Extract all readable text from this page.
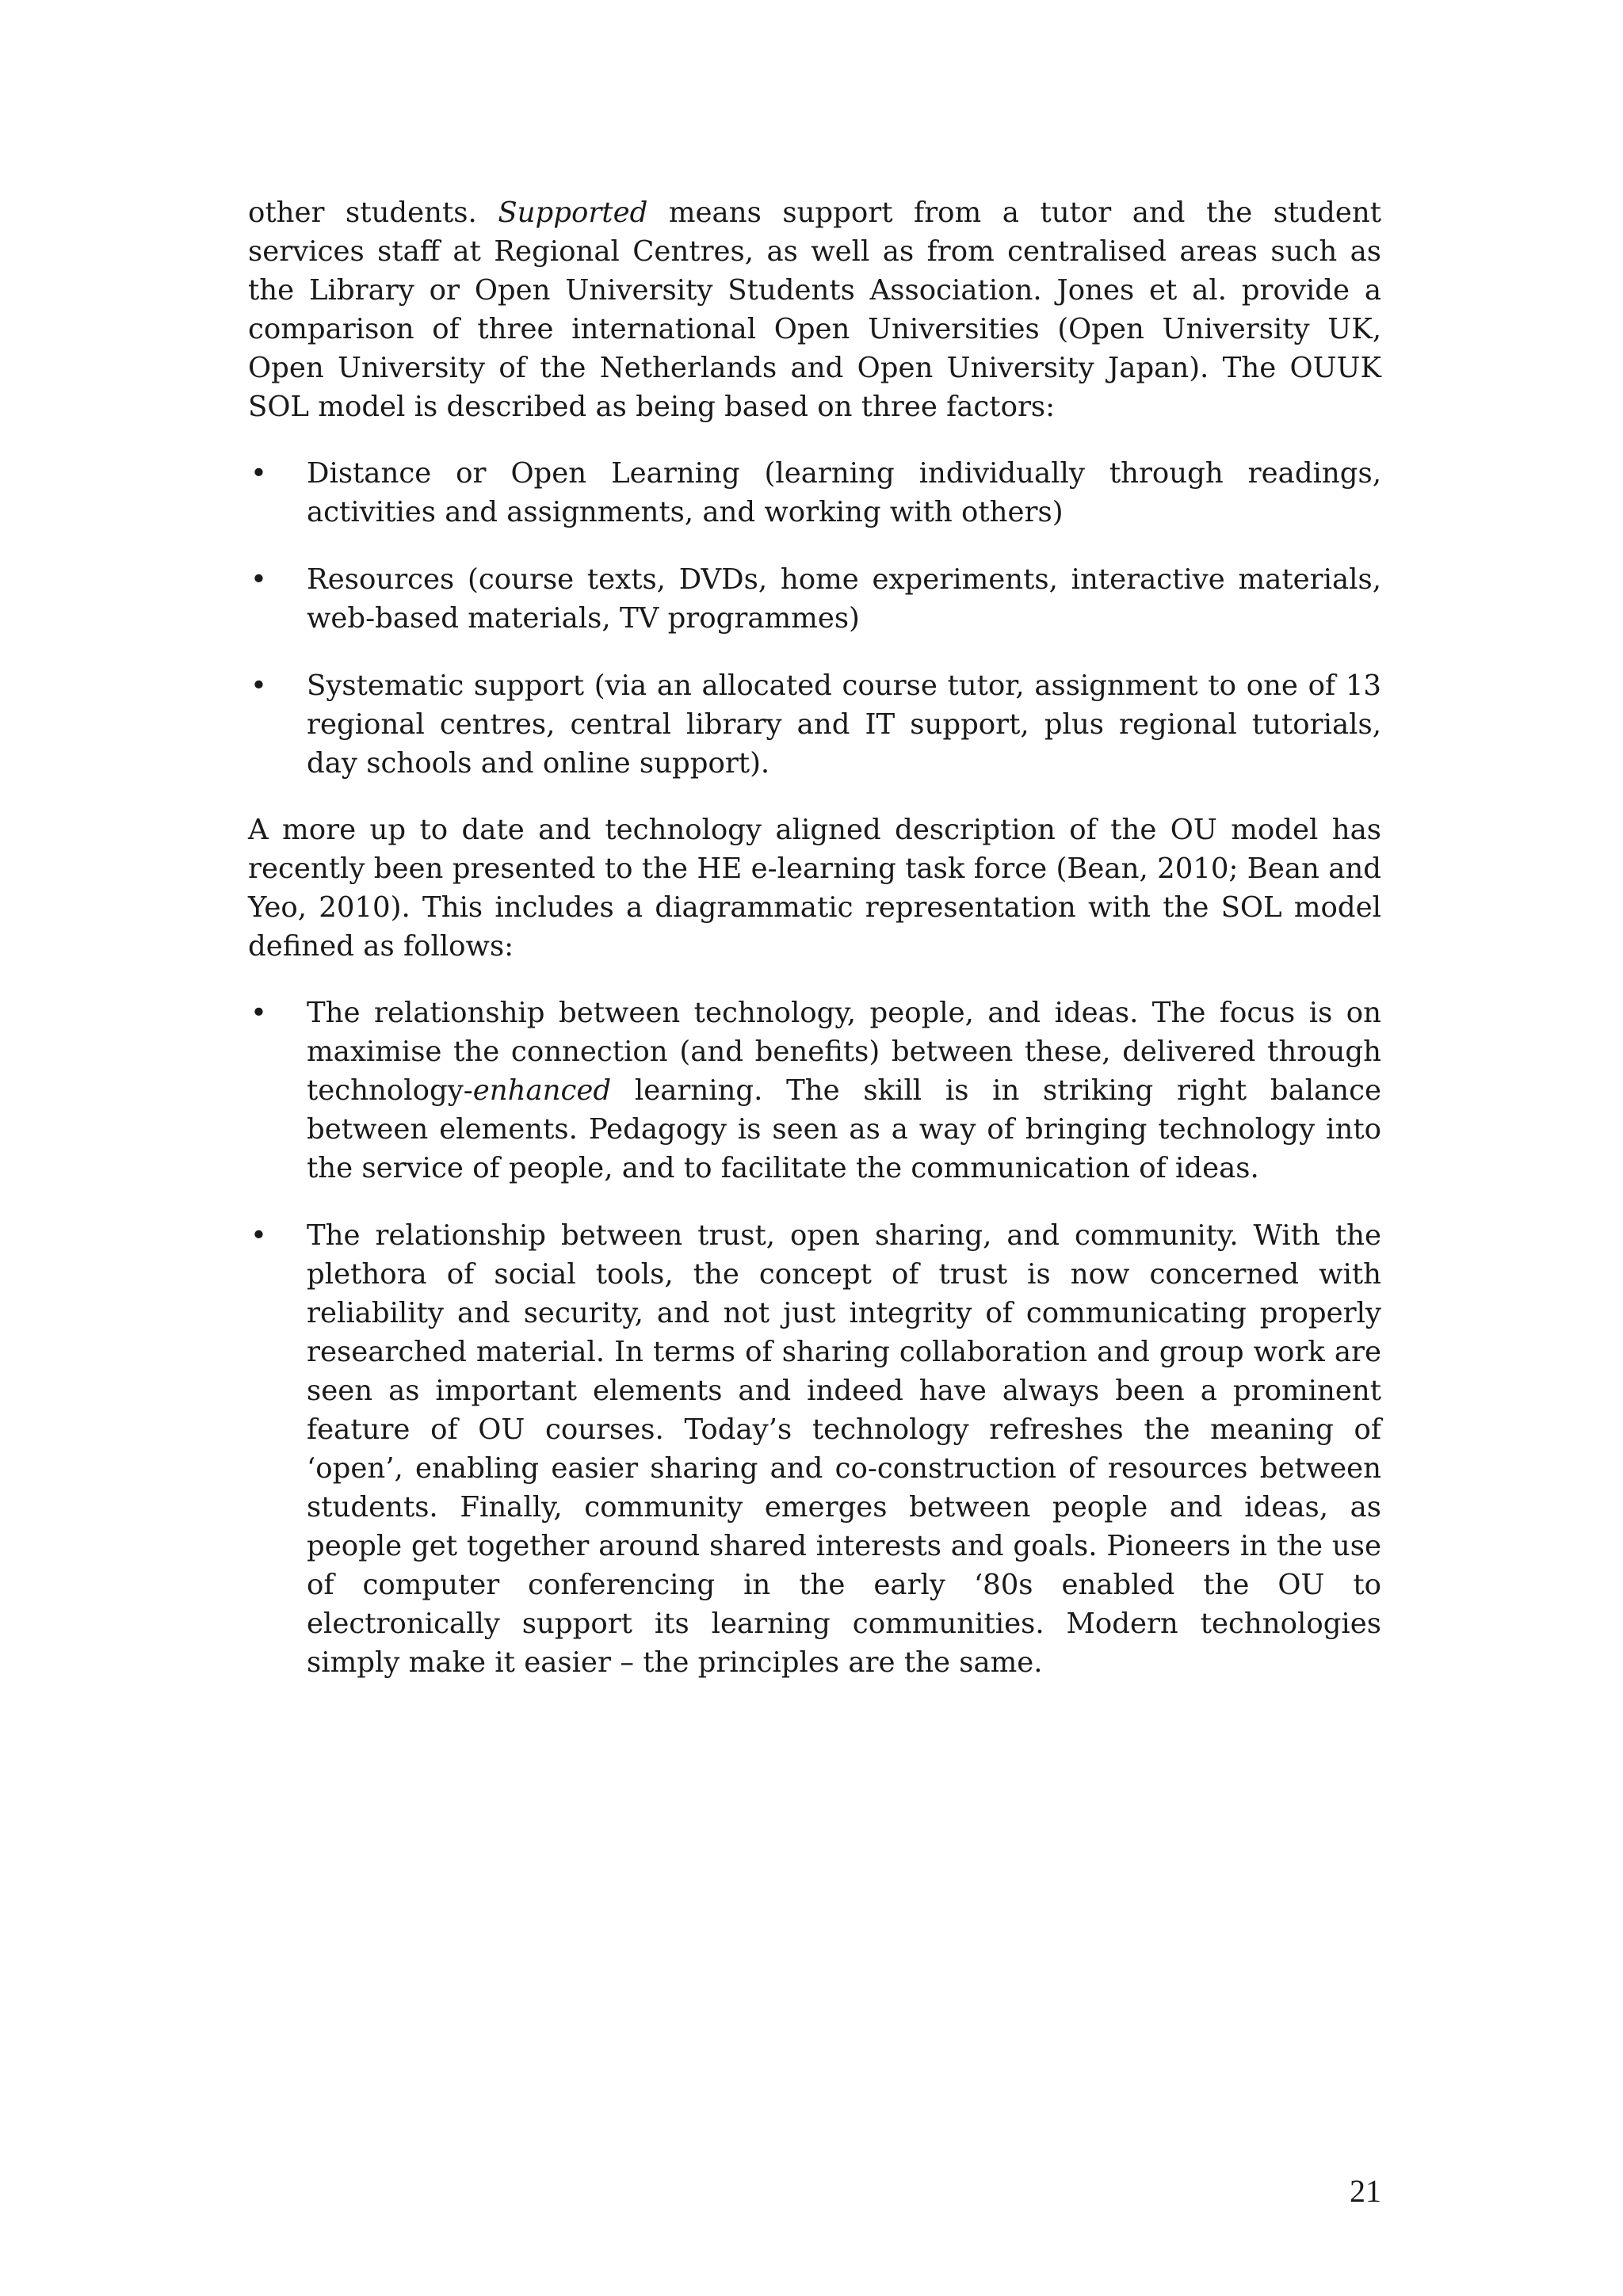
other students. Supported means support from a tutor and the student services staff at Regional Centres, as well as from centralised areas such as the Library or Open University Students Association. Jones et al. provide a comparison of three international Open Universities (Open University UK, Open University of the Netherlands and Open University Japan). The OUUK SOL model is described as being based on three factors:

• Distance or Open Learning (learning individually through readings, activities and assignments, and working with others)
• Resources (course texts, DVDs, home experiments, interactive materials, web-based materials, TV programmes)
• Systematic support (via an allocated course tutor, assignment to one of 13 regional centres, central library and IT support, plus regional tutorials, day schools and online support).

A more up to date and technology aligned description of the OU model has recently been presented to the HE e-learning task force (Bean, 2010; Bean and Yeo, 2010). This includes a diagrammatic representation with the SOL model defined as follows:

• The relationship between technology, people, and ideas. The focus is on maximise the connection (and benefits) between these, delivered through technology-enhanced learning. The skill is in striking right balance between elements. Pedagogy is seen as a way of bringing technology into the service of people, and to facilitate the communication of ideas.
• The relationship between trust, open sharing, and community. With the plethora of social tools, the concept of trust is now concerned with reliability and security, and not just integrity of communicating properly researched material. In terms of sharing collaboration and group work are seen as important elements and indeed have always been a prominent feature of OU courses. Today’s technology refreshes the meaning of ‘open’, enabling easier sharing and co-construction of resources between students. Finally, community emerges between people and ideas, as people get together around shared interests and goals. Pioneers in the use of computer conferencing in the early ‘80s enabled the OU to electronically support its learning communities. Modern technologies simply make it easier – the principles are the same.
21
